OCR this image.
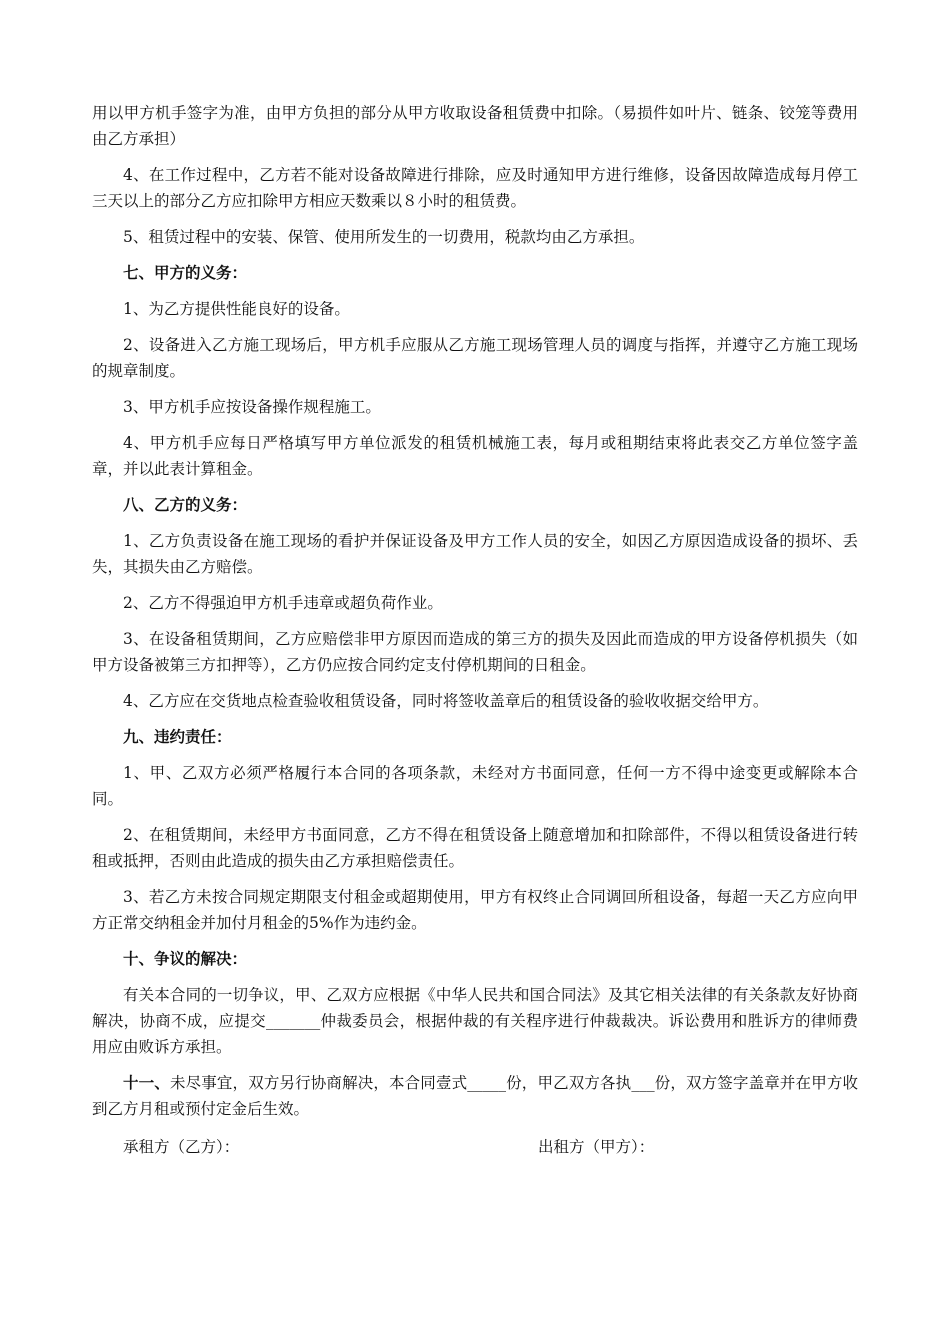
用以甲方机手签字为准，由甲方负担的部分从甲方收取设备租赁费中扣除。（易损件如叶片、链条、铰笼等费用由乙方承担）

4、在工作过程中，乙方若不能对设备故障进行排除，应及时通知甲方进行维修，设备因故障造成每月停工三天以上的部分乙方应扣除甲方相应天数乘以８小时的租赁费。

5、租赁过程中的安装、保管、使用所发生的一切费用，税款均由乙方承担。

七、甲方的义务：

1、为乙方提供性能良好的设备。

2、设备进入乙方施工现场后，甲方机手应服从乙方施工现场管理人员的调度与指挥，并遵守乙方施工现场的规章制度。

3、甲方机手应按设备操作规程施工。

4、甲方机手应每日严格填写甲方单位派发的租赁机械施工表，每月或租期结束将此表交乙方单位签字盖章，并以此表计算租金。

八、乙方的义务：

1、乙方负责设备在施工现场的看护并保证设备及甲方工作人员的安全，如因乙方原因造成设备的损坏、丢失，其损失由乙方赔偿。

2、乙方不得强迫甲方机手违章或超负荷作业。

3、在设备租赁期间，乙方应赔偿非甲方原因而造成的第三方的损失及因此而造成的甲方设备停机损失（如甲方设备被第三方扣押等），乙方仍应按合同约定支付停机期间的日租金。

4、乙方应在交货地点检查验收租赁设备，同时将签收盖章后的租赁设备的验收收据交给甲方。

九、违约责任：

1、甲、乙双方必须严格履行本合同的各项条款，未经对方书面同意，任何一方不得中途变更或解除本合同。

2、在租赁期间，未经甲方书面同意，乙方不得在租赁设备上随意增加和扣除部件，不得以租赁设备进行转租或抵押，否则由此造成的损失由乙方承担赔偿责任。

3、若乙方未按合同规定期限支付租金或超期使用，甲方有权终止合同调回所租设备，每超一天乙方应向甲方正常交纳租金并加付月租金的5%作为违约金。

十、争议的解决：

有关本合同的一切争议，甲、乙双方应根据《中华人民共和国合同法》及其它相关法律的有关条款友好协商解决，协商不成，应提交_______仲裁委员会，根据仲裁的有关程序进行仲裁裁决。诉讼费用和胜诉方的律师费用应由败诉方承担。

十一、未尽事宜，双方另行协商解决，本合同壹式_____份，甲乙双方各执___份，双方签字盖章并在甲方收到乙方月租或预付定金后生效。

承租方（乙方）：	出租方（甲方）：
